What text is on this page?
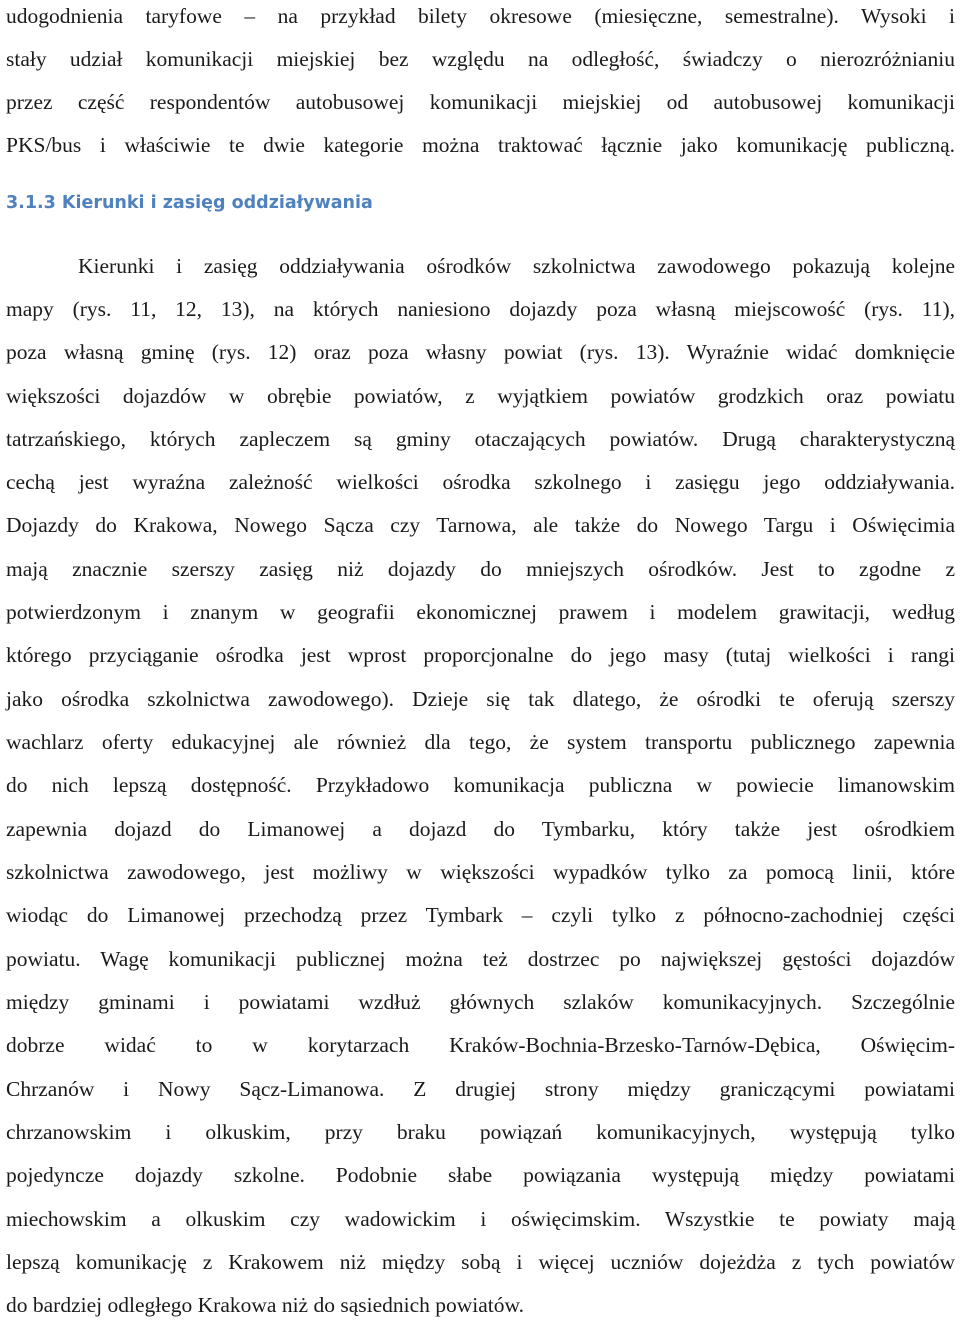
udogodnienia taryfowe – na przykład bilety okresowe (miesięczne, semestralne). Wysoki i
stały udział komunikacji miejskiej bez względu na odległość, świadczy o nierozróżnianiu
przez część respondentów autobusowej komunikacji miejskiej od autobusowej komunikacji
PKS/bus i właściwie te dwie kategorie można traktować łącznie jako komunikację publiczną.
3.1.3 Kierunki i zasięg oddziaływania
Kierunki i zasięg oddziaływania ośrodków szkolnictwa zawodowego pokazują kolejne
mapy (rys. 11, 12, 13), na których naniesiono dojazdy poza własną miejscowość (rys. 11),
poza własną gminę (rys. 12) oraz poza własny powiat (rys. 13). Wyraźnie widać domknięcie
większości dojazdów w obrębie powiatów, z wyjątkiem powiatów grodzkich oraz powiatu
tatrzańskiego, których zapleczem są gminy otaczających powiatów. Drugą charakterystyczną
cechą jest wyraźna zależność wielkości ośrodka szkolnego i zasięgu jego oddziaływania.
Dojazdy do Krakowa, Nowego Sącza czy Tarnowa, ale także do Nowego Targu i Oświęcimia
mają znacznie szerszy zasięg niż dojazdy do mniejszych ośrodków. Jest to zgodne z
potwierdzonym i znanym w geografii ekonomicznej prawem i modelem grawitacji, według
którego przyciąganie ośrodka jest wprost proporcjonalne do jego masy (tutaj wielkości i rangi
jako ośrodka szkolnictwa zawodowego). Dzieje się tak dlatego, że ośrodki te oferują szerszy
wachlarz oferty edukacyjnej ale również dla tego, że system transportu publicznego zapewnia
do nich lepszą dostępność. Przykładowo komunikacja publiczna w powiecie limanowskim
zapewnia dojazd do Limanowej a dojazd do Tymbarku, który także jest ośrodkiem
szkolnictwa zawodowego, jest możliwy w większości wypadków tylko za pomocą linii, które
wiodąc do Limanowej przechodzą przez Tymbark – czyli tylko z północno-zachodniej części
powiatu. Wagę komunikacji publicznej można też dostrzec po największej gęstości dojazdów
między gminami i powiatami wzdłuż głównych szlaków komunikacyjnych. Szczególnie
dobrze widać to w korytarzach Kraków-Bochnia-Brzesko-Tarnów-Dębica, Oświęcim-
Chrzanów i Nowy Sącz-Limanowa. Z drugiej strony między graniczącymi powiatami
chrzanowskim i olkuskim, przy braku powiązań komunikacyjnych, występują tylko
pojedyncze dojazdy szkolne. Podobnie słabe powiązania występują między powiatami
miechowskim a olkuskim czy wadowickim i oświęcimskim. Wszystkie te powiaty mają
lepszą komunikację z Krakowem niż między sobą i więcej uczniów dojeżdża z tych powiatów
do bardziej odległego Krakowa niż do sąsiednich powiatów.
